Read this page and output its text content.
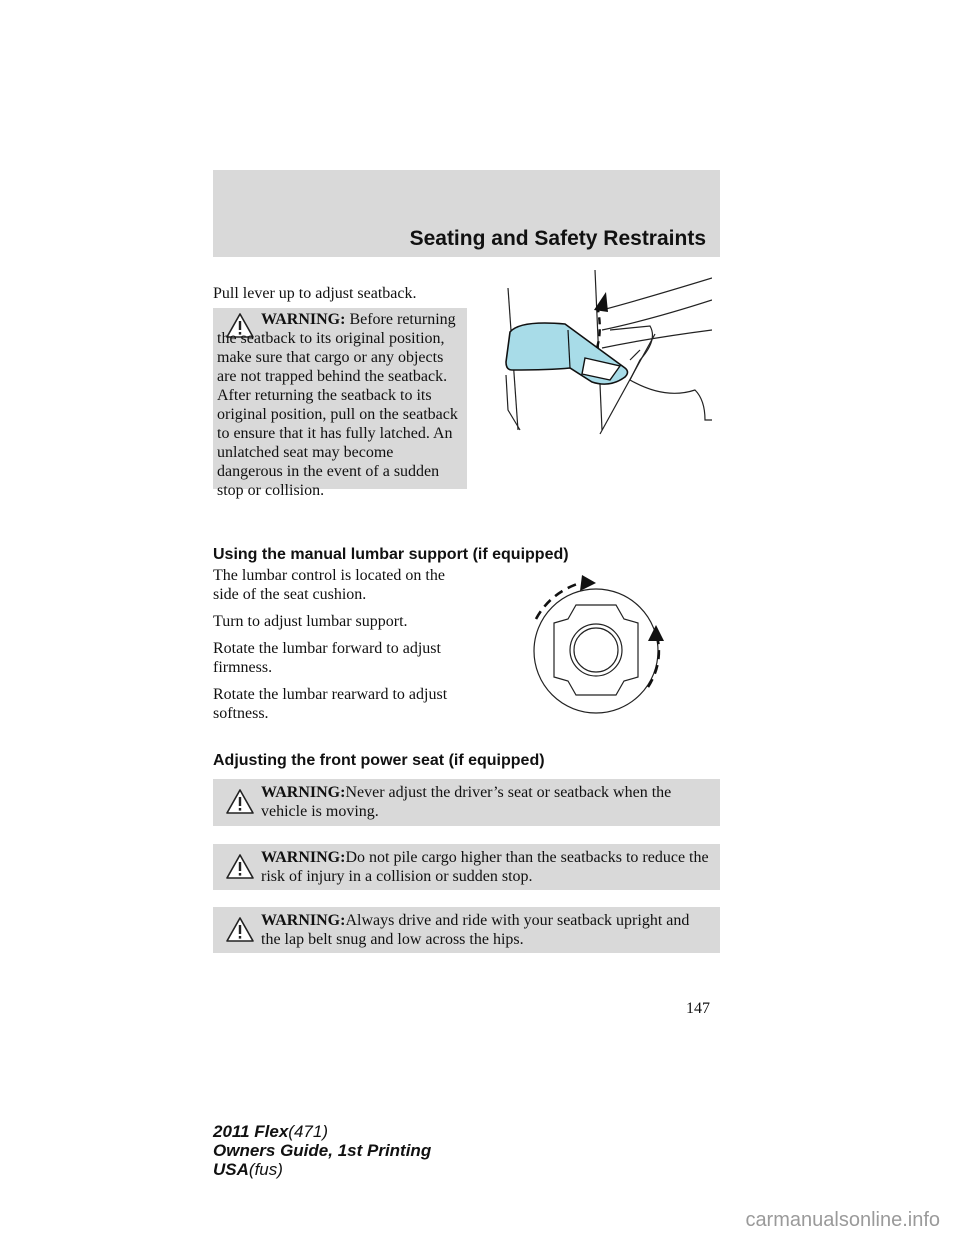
Seating and Safety Restraints
Pull lever up to adjust seatback.
WARNING: Before returning the seatback to its original position, make sure that cargo or any objects are not trapped behind the seatback. After returning the seatback to its original position, pull on the seatback to ensure that it has fully latched. An unlatched seat may become dangerous in the event of a sudden stop or collision.
Using the manual lumbar support (if equipped)

The lumbar control is located on the side of the seat cushion.

Turn to adjust lumbar support.

Rotate the lumbar forward to adjust firmness.

Rotate the lumbar rearward to adjust softness.

Adjusting the front power seat (if equipped)
WARNING:Never adjust the driver’s seat or seatback when the vehicle is moving.
WARNING:Do not pile cargo higher than the seatbacks to reduce the risk of injury in a collision or sudden stop.
WARNING:Always drive and ride with your seatback upright and the lap belt snug and low across the hips.
147
2011 Flex(471)
Owners Guide, 1st Printing
USA(fus)
carmanualsonline.info
